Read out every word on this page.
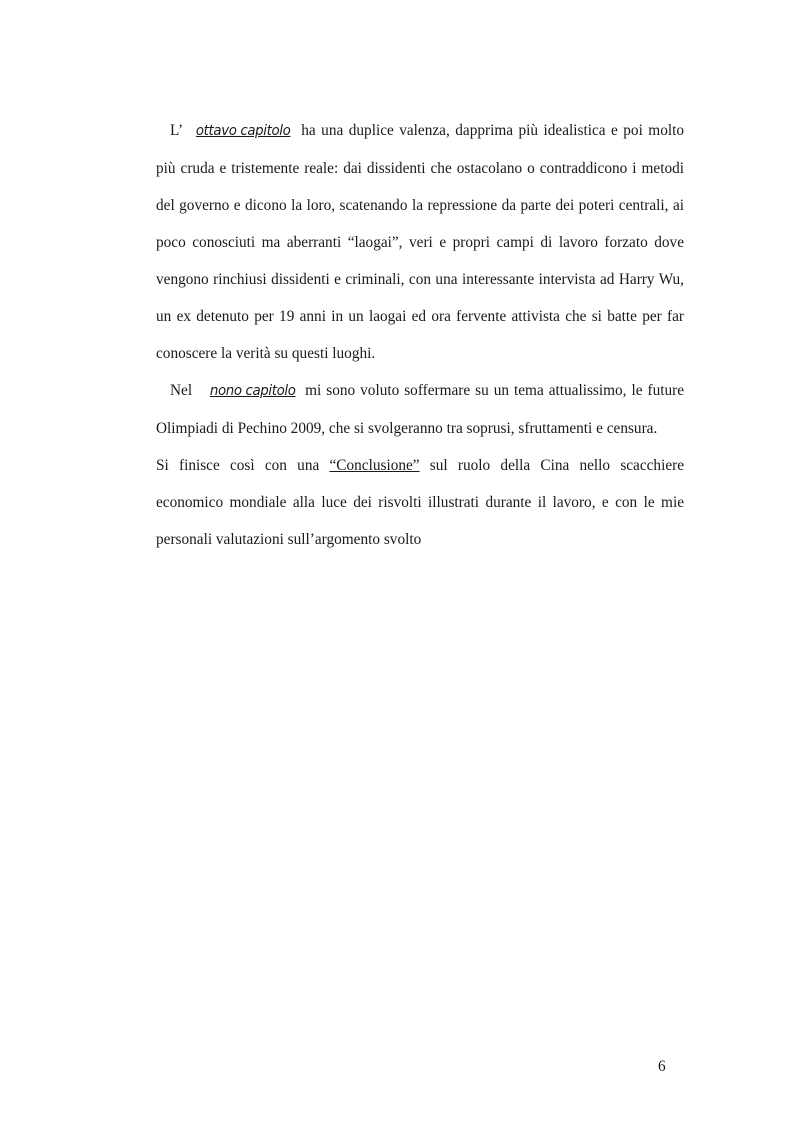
L’ ottavo capitolo ha una duplice valenza, dapprima più idealistica e poi molto più cruda e tristemente reale: dai dissidenti che ostacolano o contraddicono i metodi del governo e dicono la loro, scatenando la repressione da parte dei poteri centrali, ai poco conosciuti ma aberranti “laogai”, veri e propri campi di lavoro forzato dove vengono rinchiusi dissidenti e criminali, con una interessante intervista ad Harry Wu, un ex detenuto per 19 anni in un laogai ed ora fervente attivista che si batte per far conoscere la verità su questi luoghi.

Nel nono capitolo mi sono voluto soffermare su un tema attualissimo, le future Olimpiadi di Pechino 2009, che si svolgeranno tra soprusi, sfruttamenti e censura.

Si finisce così con una “Conclusione” sul ruolo della Cina nello scacchiere economico mondiale alla luce dei risvolti illustrati durante il lavoro, e con le mie personali valutazioni sull’argomento svolto

6
